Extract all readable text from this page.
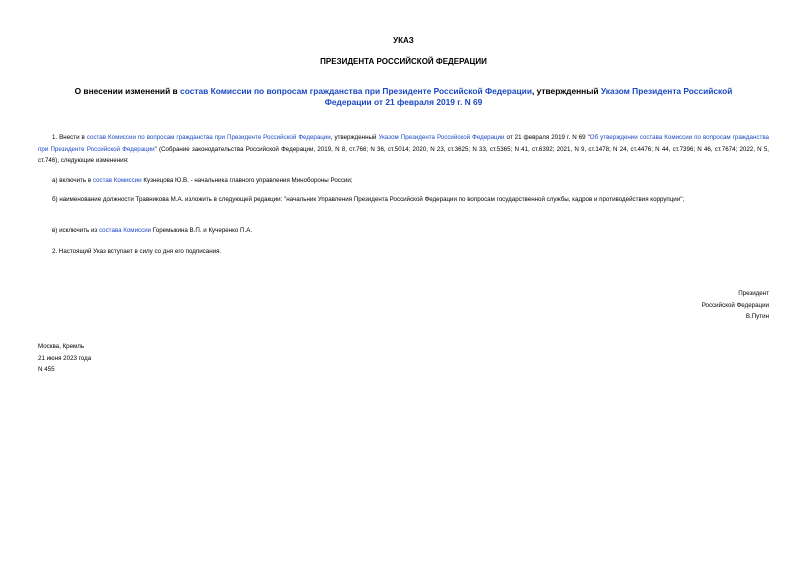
УКАЗ
ПРЕЗИДЕНТА РОССИЙСКОЙ ФЕДЕРАЦИИ
О внесении изменений в состав Комиссии по вопросам гражданства при Президенте Российской Федерации, утвержденный Указом Президента Российской Федерации от 21 февраля 2019 г. N 69
1. Внести в состав Комиссии по вопросам гражданства при Президенте Российской Федерации, утвержденный Указом Президента Российской Федерации от 21 февраля 2019 г. N 69 "Об утверждении состава Комиссии по вопросам гражданства при Президенте Российской Федерации" (Собрание законодательства Российской Федерации, 2019, N 8, ст.766; N 36, ст.5014; 2020, N 23, ст.3625; N 33, ст.5365; N 41, ст.6392; 2021, N 9, ст.1478; N 24, ст.4476; N 44, ст.7396; N 46, ст.7674; 2022, N 5, ст.746), следующие изменения:
а) включить в состав Комиссии Кузнецова Ю.В. - начальника главного управления Минобороны России;
б) наименование должности Травникова М.А. изложить в следующей редакции: "начальник Управления Президента Российской Федерации по вопросам государственной службы, кадров и противодействия коррупции";
в) исключить из состава Комиссии Горемыкина В.П. и Кучеренко П.А.
2. Настоящий Указ вступает в силу со дня его подписания.
Президент
Российской Федерации
В.Путин
Москва, Кремль
21 июня 2023 года
N 455
